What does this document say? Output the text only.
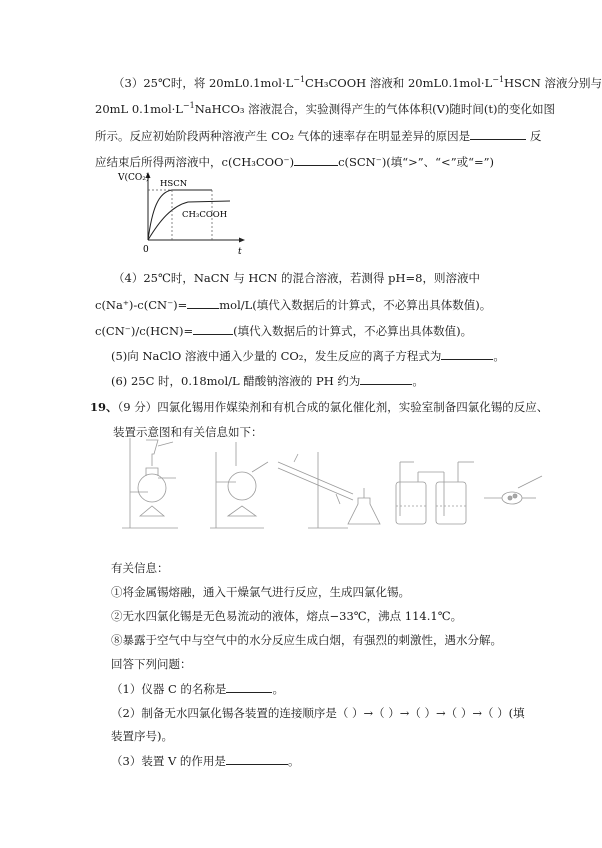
（3）25℃时，将 $20mL0.1mol\cdot L^{-1}CH_3COOH$ 溶液和 $20mL0.1mol\cdot L^{-1}HSCN$ 溶液分别与
20mL $0.1mol\cdot L^{-1}NaHCO_3$ 溶液混合，实验测得产生的气体体积(V)随时间(t)的变化如图
所示。反应初始阶段两种溶液产生 CO₂ 气体的速率存在明显差异的原因是	反
应结束后所得两溶液中，c(CH₃COO⁻)	c(SCN⁻)(填“>”、“<”或“=”)
V(CO₂)
0	t
HSCN
CH₃COOH
（4）25℃时，NaCN 与 HCN 的混合溶液，若测得 pH=8，则溶液中
c(Na⁺)-c(CN⁻)=	mol/L(填代入数据后的计算式，不必算出具体数值)。
c(CN⁻)/c(HCN)=	(填代入数据后的计算式，不必算出具体数值)。
(5)向 NaClO 溶液中通入少量的 CO₂，发生反应的离子方程式为	。
(6) 25C 时，0.18mol/L 醋酸钠溶液的 PH 约为	。
19、（9 分）四氯化锡用作媒染剂和有机合成的氯化催化剂，实验室制备四氯化锡的反应、
装置示意图和有关信息如下：
有关信息：
①将金属锡熔融，通入干燥氯气进行反应，生成四氯化锡。
②无水四氯化锡是无色易流动的液体，熔点−33℃，沸点 114.1℃。
⑧暴露于空气中与空气中的水分反应生成白烟，有强烈的刺激性，遇水分解。
回答下列问题：
（1）仪器 C 的名称是	。
（2）制备无水四氯化锡各装置的连接顺序是（ ）→（ ）→（ ）→（ ）→（ ）(填
装置序号)。
（3）装置 V 的作用是	。
